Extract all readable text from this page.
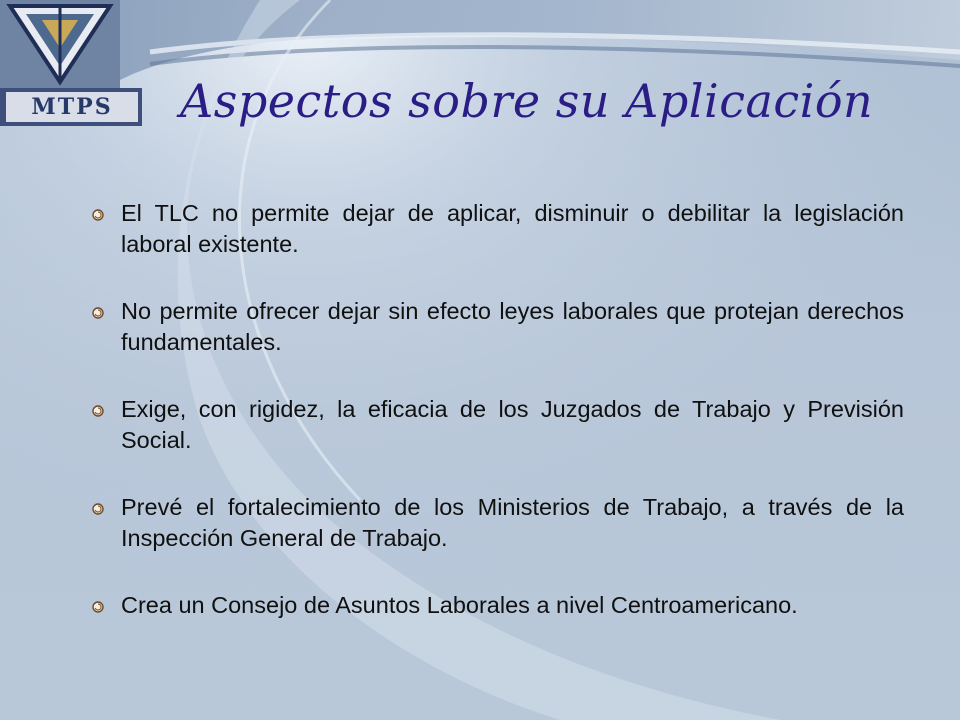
MTPS Aspectos sobre su Aplicación
El TLC no permite dejar de aplicar, disminuir o debilitar la legislación laboral existente.
No permite ofrecer dejar sin efecto leyes laborales que protejan derechos fundamentales.
Exige, con rigidez, la eficacia de los Juzgados de Trabajo y Previsión Social.
Prevé el fortalecimiento de los Ministerios de Trabajo, a través de la Inspección General de Trabajo.
Crea un Consejo de Asuntos Laborales a nivel Centroamericano.
